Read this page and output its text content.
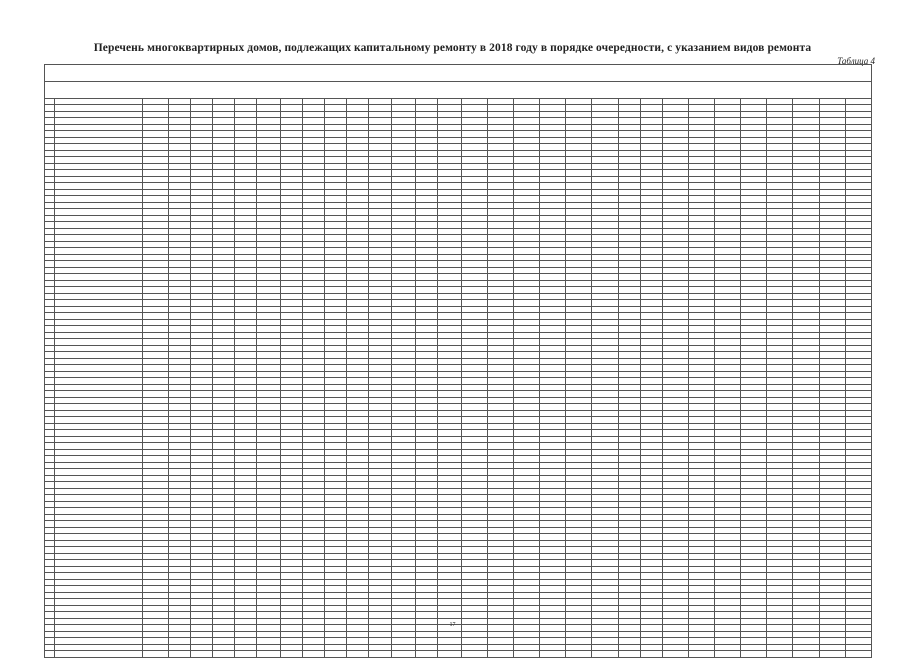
Перечень многоквартирных домов, подлежащих капитальному ремонту в 2018 году в порядке очередности, с указанием видов ремонта
Таблица 4

17
